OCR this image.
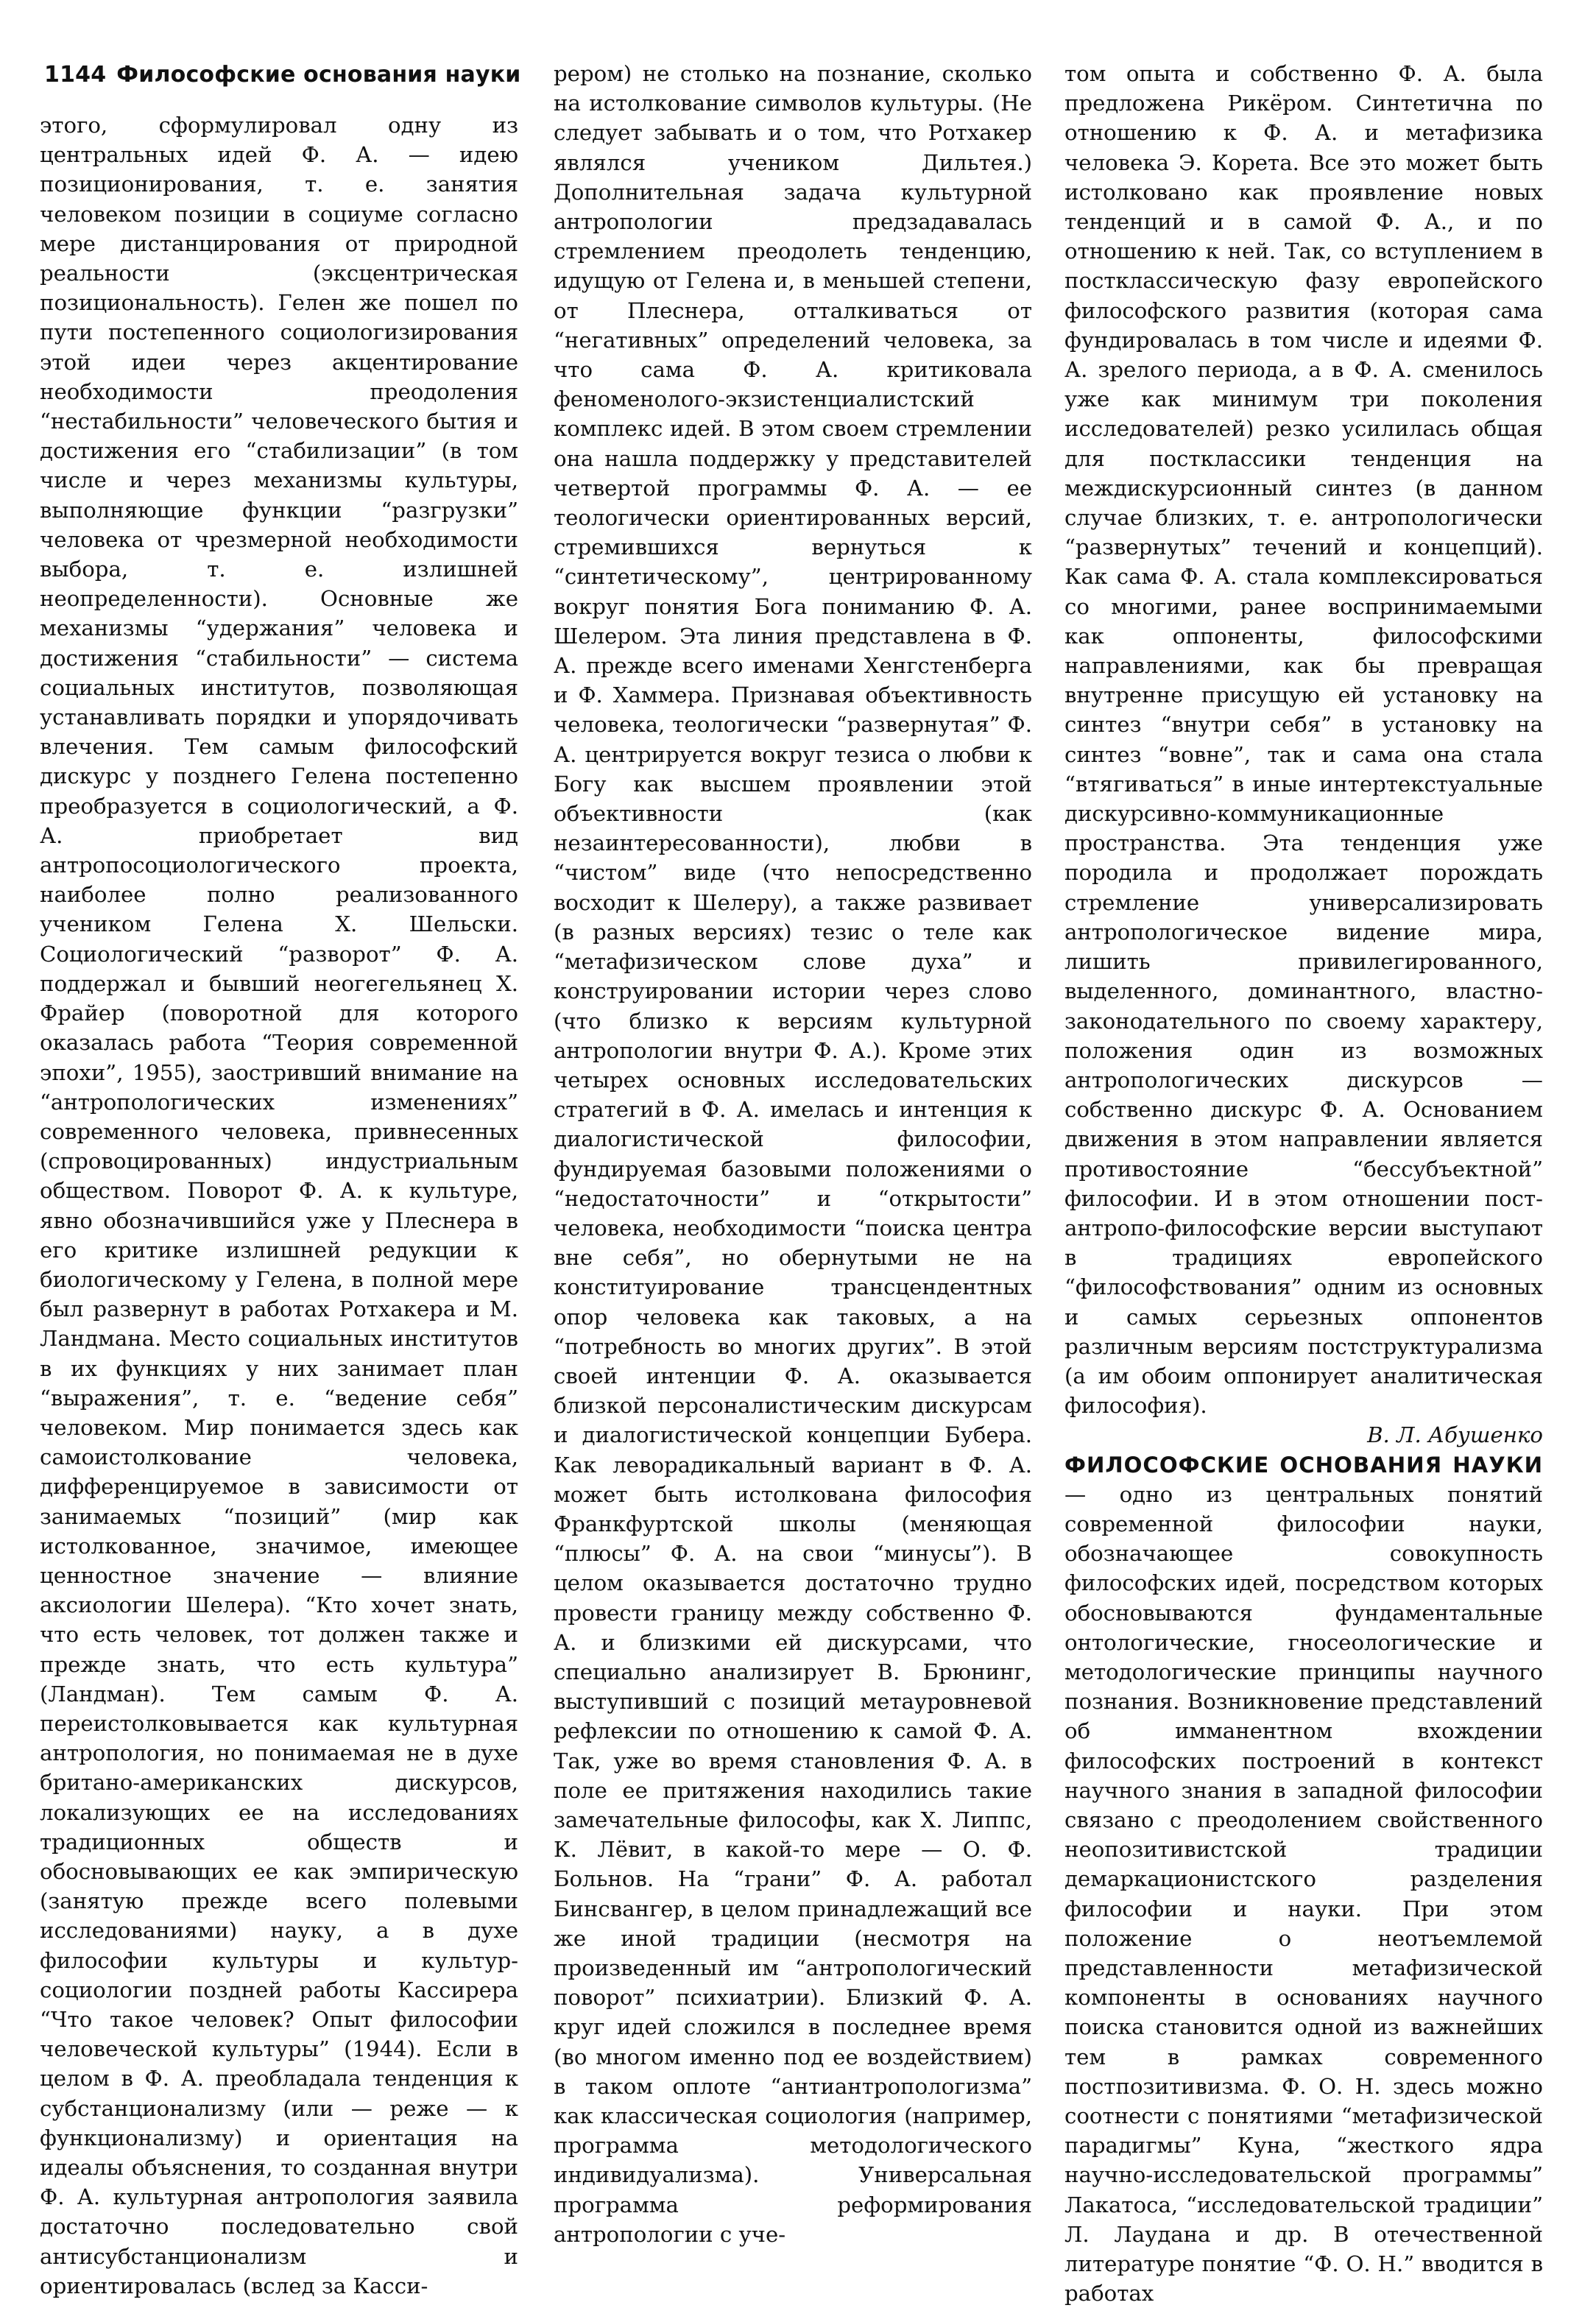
1144 Философские основания науки

этого, сформулировал одну из центральных идей Ф. А. — идею позиционирования, т. е. занятия человеком позиции в социуме согласно мере дистанцирования от природной реальности (эксцентрическая позициональность). Гелен же пошел по пути постепенного социологизирования этой идеи через акцентирование необходимости преодоления “нестабильности” человеческого бытия и достижения его “стабилизации” (в том числе и через механизмы культуры, выполняющие функции “разгрузки” человека от чрезмерной необходимости выбора, т. е. излишней неопределенности). Основные же механизмы “удержания” человека и достижения “стабильности” — система социальных институтов, позволяющая устанавливать порядки и упорядочивать влечения. Тем самым философский дискурс у позднего Гелена постепенно преобразуется в социологический, а Ф. А. приобретает вид антропосоциологического проекта, наиболее полно реализованного учеником Гелена Х. Шельски. Социологический “разворот” Ф. А. поддержал и бывший неогегельянец Х. Фрайер (поворотной для которого оказалась работа “Теория современной эпохи”, 1955), заостривший внимание на “антропологических изменениях” современного человека, привнесенных (спровоцированных) индустриальным обществом. Поворот Ф. А. к культуре, явно обозначившийся уже у Плеснера в его критике излишней редукции к биологическому у Гелена, в полной мере был развернут в работах Ротхакера и М. Ландмана. Место социальных институтов в их функциях у них занимает план “выражения”, т. е. “ведение себя” человеком. Мир понимается здесь как самоистолкование человека, дифференцируемое в зависимости от занимаемых “позиций” (мир как истолкованное, значимое, имеющее ценностное значение — влияние аксиологии Шелера). “Кто хочет знать, что есть человек, тот должен также и прежде знать, что есть культура” (Ландман). Тем самым Ф. А. переистолковывается как культурная антропология, но понимаемая не в духе британо-американских дискурсов, локализующих ее на исследованиях традиционных обществ и обосновывающих ее как эмпирическую (занятую прежде всего полевыми исследованиями) науку, а в духе философии культуры и культур-социологии поздней работы Кассирера “Что такое человек? Опыт философии человеческой культуры” (1944). Если в целом в Ф. А. преобладала тенденция к субстанционализму (или — реже — к функционализму) и ориентация на идеалы объяснения, то созданная внутри Ф. А. культурная антропология заявила достаточно последовательно свой антисубстанционализм и ориентировалась (вслед за Касси-

рером) не столько на познание, сколько на истолкование символов культуры. (Не следует забывать и о том, что Ротхакер являлся учеником Дильтея.) Дополнительная задача культурной антропологии предзадавалась стремлением преодолеть тенденцию, идущую от Гелена и, в меньшей степени, от Плеснера, отталкиваться от “негативных” определений человека, за что сама Ф. А. критиковала феноменолого-экзистенциалистский комплекс идей. В этом своем стремлении она нашла поддержку у представителей четвертой программы Ф. А. — ее теологически ориентированных версий, стремившихся вернуться к “синтетическому”, центрированному вокруг понятия Бога пониманию Ф. А. Шелером. Эта линия представлена в Ф. А. прежде всего именами Хенгстенберга и Ф. Хаммера. Признавая объективность человека, теологически “развернутая” Ф. А. центрируется вокруг тезиса о любви к Богу как высшем проявлении этой объективности (как незаинтересованности), любви в “чистом” виде (что непосредственно восходит к Шелеру), а также развивает (в разных версиях) тезис о теле как “метафизическом слове духа” и конструировании истории через слово (что близко к версиям культурной антропологии внутри Ф. А.). Кроме этих четырех основных исследовательских стратегий в Ф. А. имелась и интенция к диалогистической философии, фундируемая базовыми положениями о “недостаточности” и “открытости” человека, необходимости “поиска центра вне себя”, но обернутыми не на конституирование трансцендентных опор человека как таковых, а на “потребность во многих других”. В этой своей интенции Ф. А. оказывается близкой персоналистическим дискурсам и диалогистической концепции Бубера. Как леворадикальный вариант в Ф. А. может быть истолкована философия Франкфуртской школы (меняющая “плюсы” Ф. А. на свои “минусы”). В целом оказывается достаточно трудно провести границу между собственно Ф. А. и близкими ей дискурсами, что специально анализирует В. Брюнинг, выступивший с позиций метауровневой рефлексии по отношению к самой Ф. А. Так, уже во время становления Ф. А. в поле ее притяжения находились такие замечательные философы, как Х. Липпс, К. Лёвит, в какой-то мере — О. Ф. Больнов. На “грани” Ф. А. работал Бинсвангер, в целом принадлежащий все же иной традиции (несмотря на произведенный им “антропологический поворот” психиатрии). Близкий Ф. А. круг идей сложился в последнее время (во многом именно под ее воздействием) в таком оплоте “антиантропологизма” как классическая социология (например, программа методологического индивидуализма). Универсальная программа реформирования антропологии с уче-

том опыта и собственно Ф. А. была предложена Рикёром. Синтетична по отношению к Ф. А. и метафизика человека Э. Корета. Все это может быть истолковано как проявление новых тенденций и в самой Ф. А., и по отношению к ней. Так, со вступлением в постклассическую фазу европейского философского развития (которая сама фундировалась в том числе и идеями Ф. А. зрелого периода, а в Ф. А. сменилось уже как минимум три поколения исследователей) резко усилилась общая для постклассики тенденция на междискурсионный синтез (в данном случае близких, т. е. антропологически “развернутых” течений и концепций). Как сама Ф. А. стала комплексироваться со многими, ранее воспринимаемыми как оппоненты, философскими направлениями, как бы превращая внутренне присущую ей установку на синтез “внутри себя” в установку на синтез “вовне”, так и сама она стала “втягиваться” в иные интертекстуальные дискурсивно-коммуникационные пространства. Эта тенденция уже породила и продолжает порождать стремление универсализировать антропологическое видение мира, лишить привилегированного, выделенного, доминантного, властно-законодательного по своему характеру, положения один из возможных антропологических дискурсов — собственно дискурс Ф. А. Основанием движения в этом направлении является противостояние “бессубъектной” философии. И в этом отношении пост-антропо-философские версии выступают в традициях европейского “философствования” одним из основных и самых серьезных оппонентов различным версиям постструктурализма (а им обоим оппонирует аналитическая философия).

В. Л. Абушенко

ФИЛОСОФСКИЕ ОСНОВАНИЯ НАУКИ — одно из центральных понятий современной философии науки, обозначающее совокупность философских идей, посредством которых обосновываются фундаментальные онтологические, гносеологические и методологические принципы научного познания. Возникновение представлений об имманентном вхождении философских построений в контекст научного знания в западной философии связано с преодолением свойственного неопозитивистской традиции демаркационистского разделения философии и науки. При этом положение о неотъемлемой представленности метафизической компоненты в основаниях научного поиска становится одной из важнейших тем в рамках современного постпозитивизма. Ф. О. Н. здесь можно соотнести с понятиями “метафизической парадигмы” Куна, “жесткого ядра научно-исследовательской программы” Лакатоса, “исследовательской традиции” Л. Лаудана и др. В отечественной литературе понятие “Ф. О. Н.” вводится в работах
